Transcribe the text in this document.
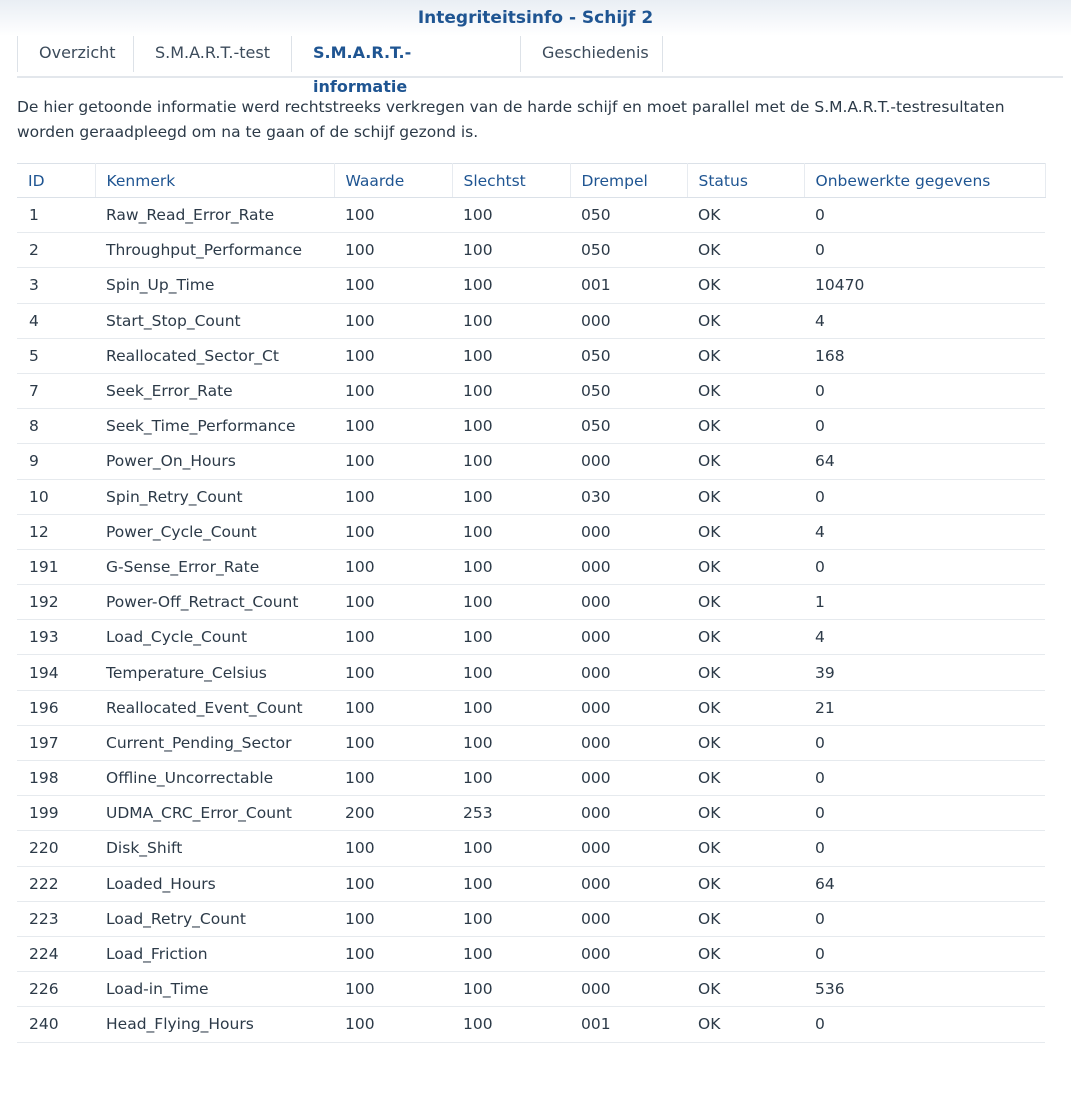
Integriteitsinfo - Schijf 2
Overzicht	S.M.A.R.T.-test	S.M.A.R.T.-informatie
Geschiedenis
De hier getoonde informatie werd rechtstreeks verkregen van de harde schijf en moet parallel met de S.M.A.R.T.-testresultaten worden geraadpleegd om na te gaan of de schijf gezond is.
ID	Kenmerk	Waarde	Slechtst	Drempel	Status	Onbewerkte gegevens
1	Raw_Read_Error_Rate	100	100	050	OK	0
2	Throughput_Performance	100	100	050	OK	0
3	Spin_Up_Time	100	100	001	OK	10470
4	Start_Stop_Count	100	100	000	OK	4
5	Reallocated_Sector_Ct	100	100	050	OK	168
7	Seek_Error_Rate	100	100	050	OK	0
8	Seek_Time_Performance	100	100	050	OK	0
9	Power_On_Hours	100	100	000	OK	64
10	Spin_Retry_Count	100	100	030	OK	0
12	Power_Cycle_Count	100	100	000	OK	4
191	G-Sense_Error_Rate	100	100	000	OK	0
192	Power-Off_Retract_Count	100	100	000	OK	1
193	Load_Cycle_Count	100	100	000	OK	4
194	Temperature_Celsius	100	100	000	OK	39
196	Reallocated_Event_Count	100	100	000	OK	21
197	Current_Pending_Sector	100	100	000	OK	0
198	Offline_Uncorrectable	100	100	000	OK	0
199	UDMA_CRC_Error_Count	200	253	000	OK	0
220	Disk_Shift	100	100	000	OK	0
222	Loaded_Hours	100	100	000	OK	64
223	Load_Retry_Count	100	100	000	OK	0
224	Load_Friction	100	100	000	OK	0
226	Load-in_Time	100	100	000	OK	536
240	Head_Flying_Hours	100	100	001	OK	0
